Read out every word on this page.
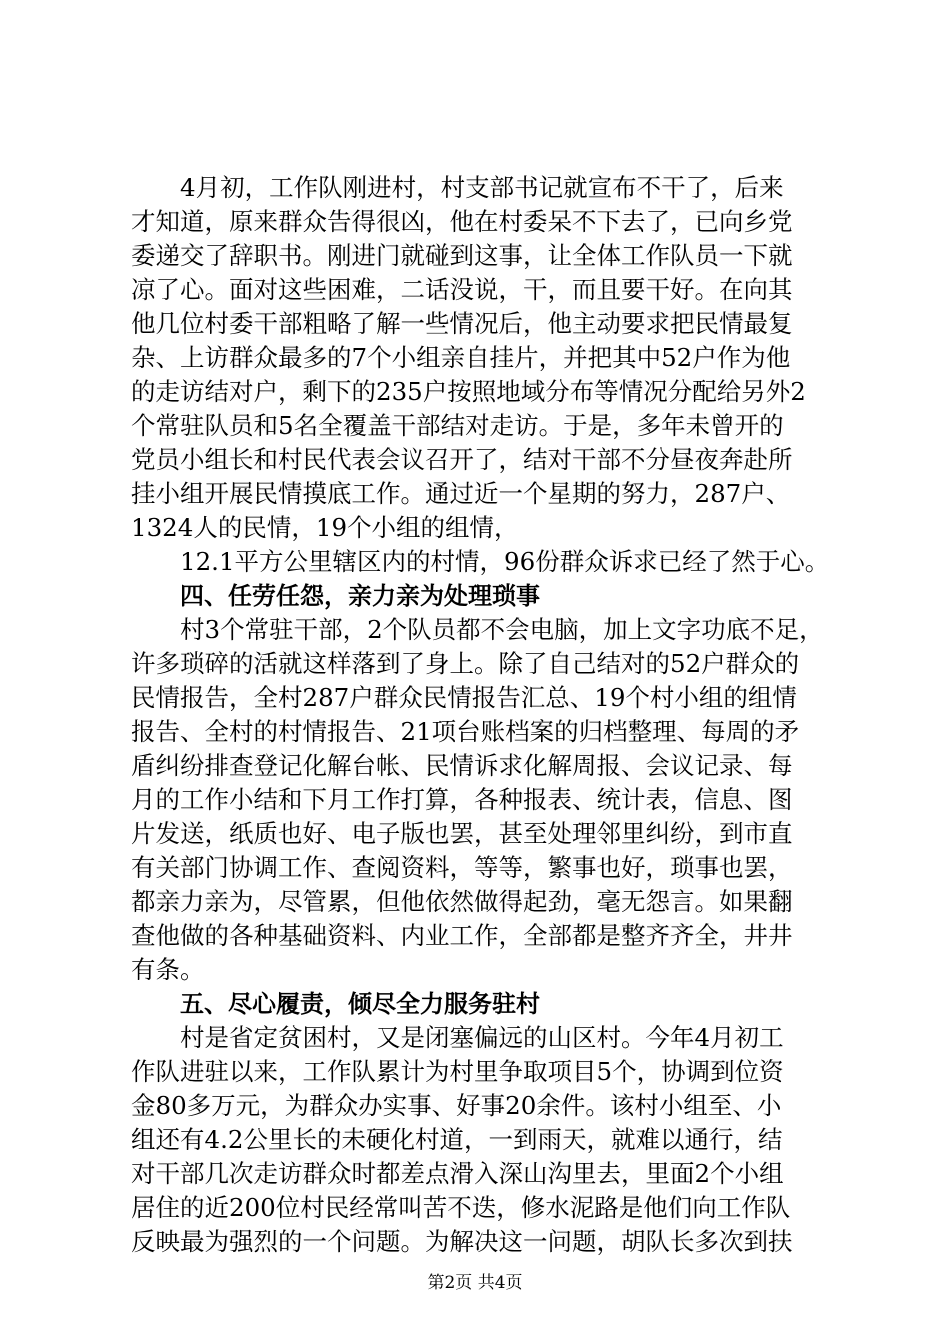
4月初，工作队刚进村，村支部书记就宣布不干了，后来
才知道，原来群众告得很凶，他在村委呆不下去了，已向乡党
委递交了辞职书。刚进门就碰到这事，让全体工作队员一下就
凉了心。面对这些困难，二话没说，干，而且要干好。在向其
他几位村委干部粗略了解一些情况后，他主动要求把民情最复
杂、上访群众最多的7个小组亲自挂片，并把其中52户作为他
的走访结对户，剩下的235户按照地域分布等情况分配给另外2
个常驻队员和5名全覆盖干部结对走访。于是，多年未曾开的
党员小组长和村民代表会议召开了，结对干部不分昼夜奔赴所
挂小组开展民情摸底工作。通过近一个星期的努力，287户、
1324人的民情，19个小组的组情，
12.1平方公里辖区内的村情，96份群众诉求已经了然于心。
四、任劳任怨，亲力亲为处理琐事
村3个常驻干部，2个队员都不会电脑，加上文字功底不足，
许多琐碎的活就这样落到了身上。除了自己结对的52户群众的
民情报告，全村287户群众民情报告汇总、19个村小组的组情
报告、全村的村情报告、21项台账档案的归档整理、每周的矛
盾纠纷排查登记化解台帐、民情诉求化解周报、会议记录、每
月的工作小结和下月工作打算，各种报表、统计表，信息、图
片发送，纸质也好、电子版也罢，甚至处理邻里纠纷，到市直
有关部门协调工作、查阅资料，等等，繁事也好，琐事也罢，
都亲力亲为，尽管累，但他依然做得起劲，毫无怨言。如果翻
查他做的各种基础资料、内业工作，全部都是整齐齐全，井井
有条。
五、尽心履责，倾尽全力服务驻村
村是省定贫困村，又是闭塞偏远的山区村。今年4月初工
作队进驻以来，工作队累计为村里争取项目5个，协调到位资
金80多万元，为群众办实事、好事20余件。该村小组至、小
组还有4.2公里长的未硬化村道，一到雨天，就难以通行，结
对干部几次走访群众时都差点滑入深山沟里去，里面2个小组
居住的近200位村民经常叫苦不迭，修水泥路是他们向工作队
反映最为强烈的一个问题。为解决这一问题，胡队长多次到扶
第2页 共4页
